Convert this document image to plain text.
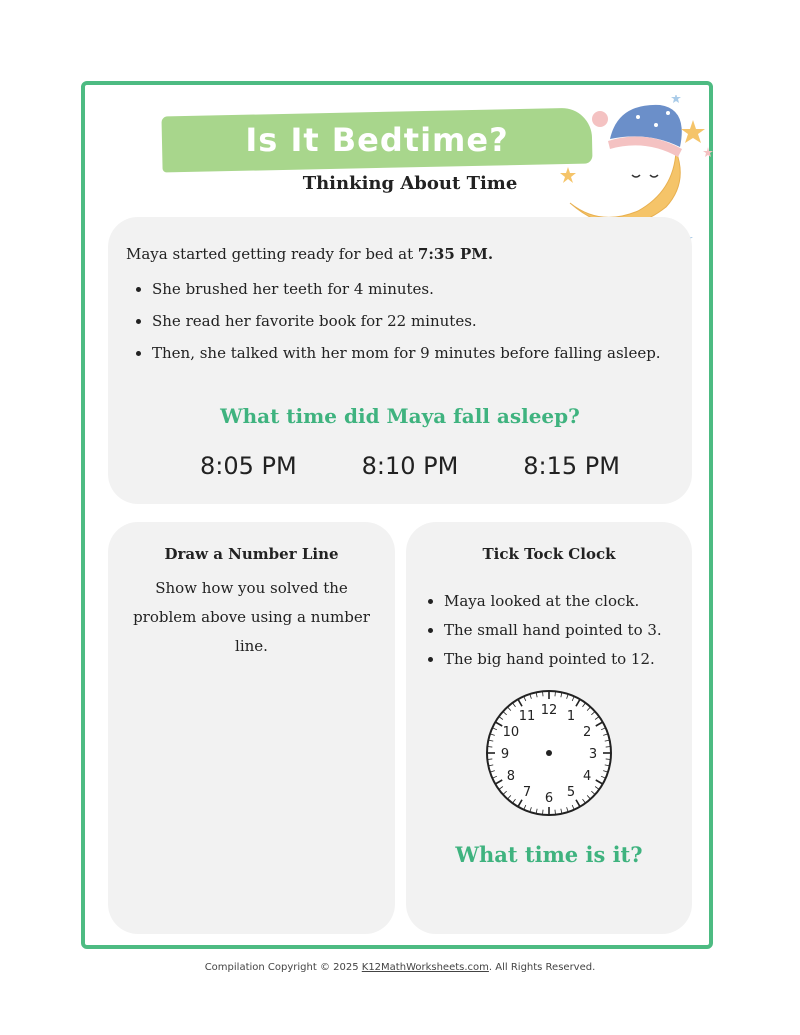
Is It Bedtime?
Thinking About Time
Maya started getting ready for bed at 7:35 PM.
• She brushed her teeth for 4 minutes.
• She read her favorite book for 22 minutes.
• Then, she talked with her mom for 9 minutes before falling asleep.
What time did Maya fall asleep?
8:05 PM	8:10 PM	8:15 PM
Draw a Number Line
Show how you solved the problem above using a number line.
Tick Tock Clock
• Maya looked at the clock.
• The small hand pointed to 3.
• The big hand pointed to 12.
12 1
2
3
4
5
6
7
8
9
10
11
What time is it?
Compilation Copyright © 2025 K12MathWorksheets.com. All Rights Reserved.
